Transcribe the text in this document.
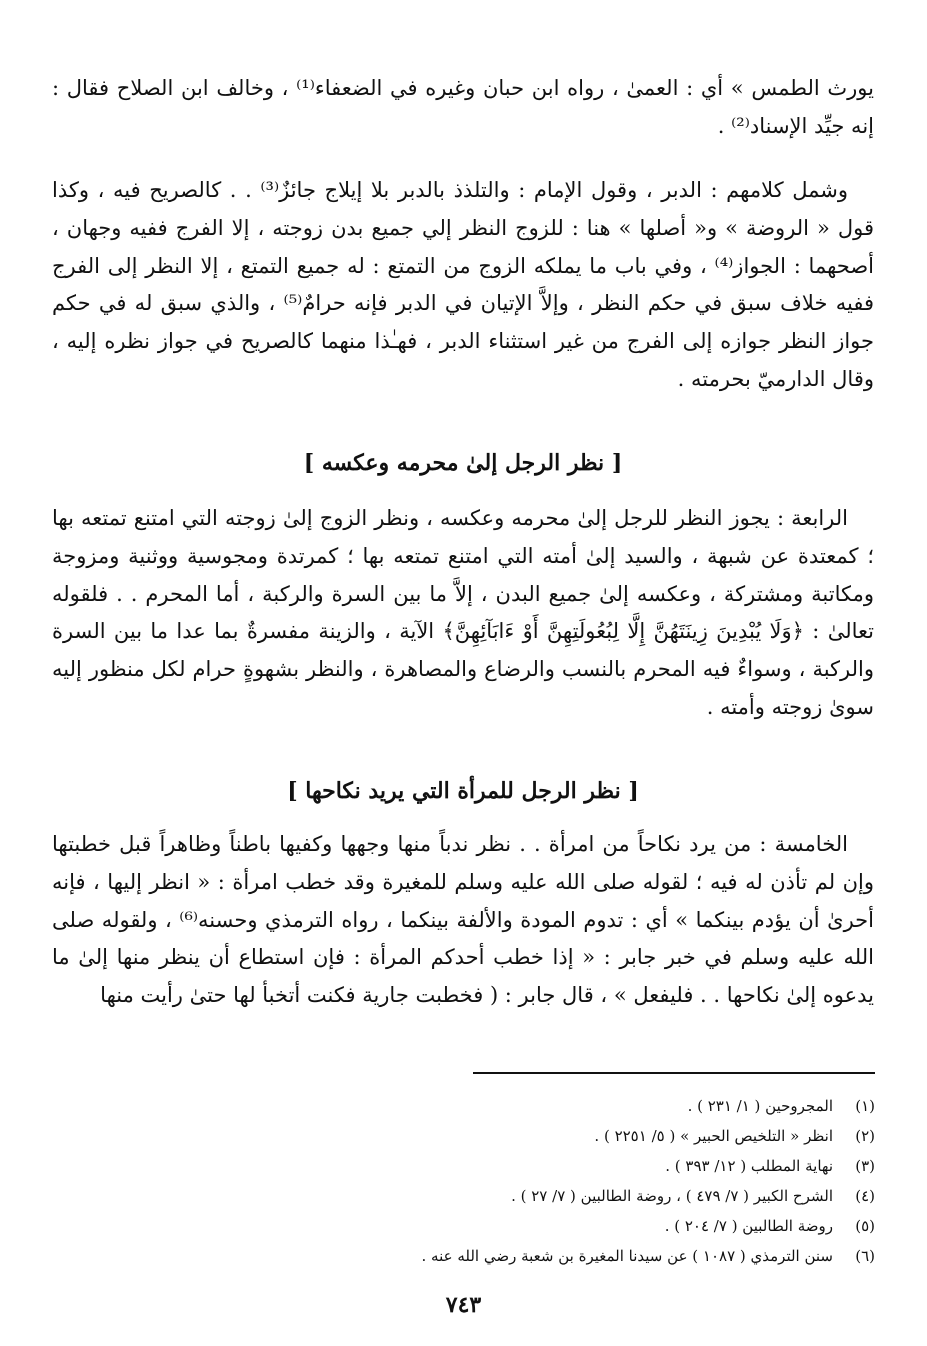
يورث الطمس » أي : العمىٰ ، رواه ابن حبان وغيره في الضعفاء⁽¹⁾ ، وخالف ابن الصلاح فقال : إنه جيِّد الإسناد⁽²⁾ .

وشمل كلامهم : الدبر ، وقول الإمام : والتلذذ بالدبر بلا إيلاج جائزٌ⁽³⁾ . . كالصريح فيه ، وكذا قول « الروضة » و« أصلها » هنا : للزوج النظر إلي جميع بدن زوجته ، إلا الفرج ففيه وجهان ، أصحهما : الجواز⁽⁴⁾ ، وفي باب ما يملكه الزوج من التمتع : له جميع التمتع ، إلا النظر إلى الفرج ففيه خلاف سبق في حكم النظر ، وإلاَّ الإتيان في الدبر فإنه حرامٌ⁽⁵⁾ ، والذي سبق له في حكم جواز النظر جوازه إلى الفرج من غير استثناء الدبر ، فهـٰذا منهما كالصريح في جواز نظره إليه ، وقال الدارميّ بحرمته .

[ نظر الرجل إلىٰ محرمه وعكسه ]

الرابعة : يجوز النظر للرجل إلىٰ محرمه وعكسه ، ونظر الزوج إلىٰ زوجته التي امتنع تمتعه بها ؛ كمعتدة عن شبهة ، والسيد إلىٰ أمته التي امتنع تمتعه بها ؛ كمرتدة ومجوسية ووثنية ومزوجة ومكاتبة ومشتركة ، وعكسه إلىٰ جميع البدن ، إلاَّ ما بين السرة والركبة ، أما المحرم . . فلقوله تعالىٰ : ﴿وَلَا يُبْدِينَ زِينَتَهُنَّ إِلَّا لِبُعُولَتِهِنَّ أَوْ ءَابَآئِهِنَّ﴾ الآية ، والزينة مفسرةٌ بما عدا ما بين السرة والركبة ، وسواءٌ فيه المحرم بالنسب والرضاع والمصاهرة ، والنظر بشهوةٍ حرام لكل منظور إليه سوىٰ زوجته وأمته .

[ نظر الرجل للمرأة التي يريد نكاحها ]

الخامسة : من يرد نكاحاً من امرأة . . نظر ندباً منها وجهها وكفيها باطناً وظاهراً قبل خطبتها وإن لم تأذن له فيه ؛ لقوله صلى الله عليه وسلم للمغيرة وقد خطب امرأة : « انظر إليها ، فإنه أحرىٰ أن يؤدم بينكما » أي : تدوم المودة والألفة بينكما ، رواه الترمذي وحسنه⁽⁶⁾ ، ولقوله صلى الله عليه وسلم في خبر جابر : « إذا خطب أحدكم المرأة : فإن استطاع أن ينظر منها إلىٰ ما يدعوه إلىٰ نكاحها . . فليفعل » ، قال جابر : ( فخطبت جارية فكنت أتخبأ لها حتىٰ رأيت منها

(١)
المجروحين ( ١/ ٢٣١ ) .
(٢)
انظر « التلخيص الحبير » ( ٥/ ٢٢٥١ ) .
(٣)
نهاية المطلب ( ١٢/ ٣٩٣ ) .
(٤)
الشرح الكبير ( ٧/ ٤٧٩ ) ، روضة الطالبين ( ٧/ ٢٧ ) .
(٥)
روضة الطالبين ( ٧/ ٢٠٤ ) .
(٦)
سنن الترمذي ( ١٠٨٧ ) عن سيدنا المغيرة بن شعبة رضي الله عنه .
٧٤٣
